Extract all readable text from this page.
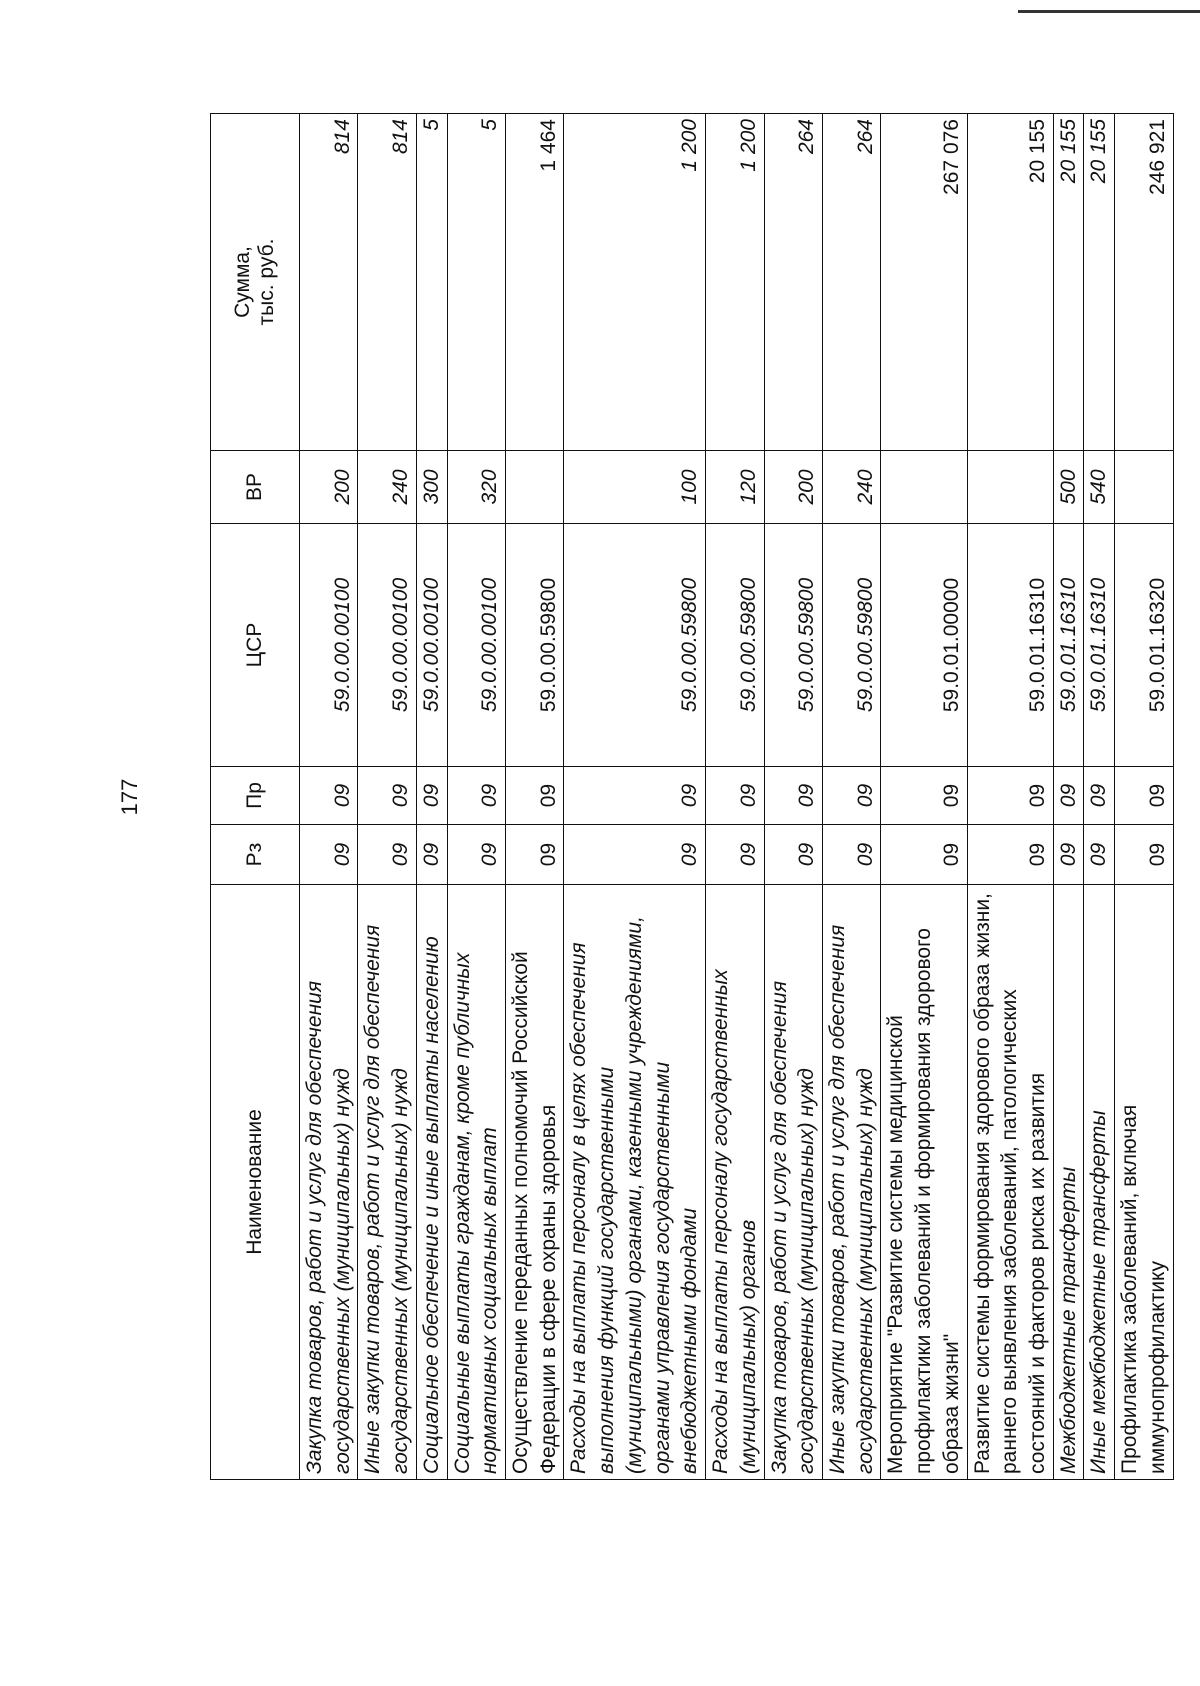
177
Наименование	Рз	Пр	ЦСР	ВР	Сумма, тыс. руб.

Закупка товаров, работ и услуг для обеспечения государственных (муниципальных) нужд	09	09	59.0.00.00100	200	814
Иные закупки товаров, работ и услуг для обеспечения государственных (муниципальных) нужд	09	09	59.0.00.00100	240	814
Социальное обеспечение и иные выплаты населению	09	09	59.0.00.00100	300	5
Социальные выплаты гражданам, кроме публичных нормативных социальных выплат	09	09	59.0.00.00100	320	5
Осуществление переданных полномочий Российской Федерации в сфере охраны здоровья	09	09	59.0.00.59800		1 464
Расходы на выплаты персоналу в целях обеспечения выполнения функций государственными (муниципальными) органами, казенными учреждениями, органами управления государственными внебюджетными фондами	09	09	59.0.00.59800	100	1 200
Расходы на выплаты персоналу государственных (муниципальных) органов	09	09	59.0.00.59800	120	1 200
Закупка товаров, работ и услуг для обеспечения государственных (муниципальных) нужд	09	09	59.0.00.59800	200	264
Иные закупки товаров, работ и услуг для обеспечения государственных (муниципальных) нужд	09	09	59.0.00.59800	240	264
Мероприятие "Развитие системы медицинской профилактики заболеваний и формирования здорового образа жизни"	09	09	59.0.01.00000		267 076
Развитие системы формирования здорового образа жизни, раннего выявления заболеваний, патологических состояний и факторов риска их развития	09	09	59.0.01.16310		20 155
Межбюджетные трансферты	09	09	59.0.01.16310	500	20 155
Иные межбюджетные трансферты	09	09	59.0.01.16310	540	20 155
Профилактика заболеваний, включая иммунопрофилактику	09	09	59.0.01.16320		246 921
